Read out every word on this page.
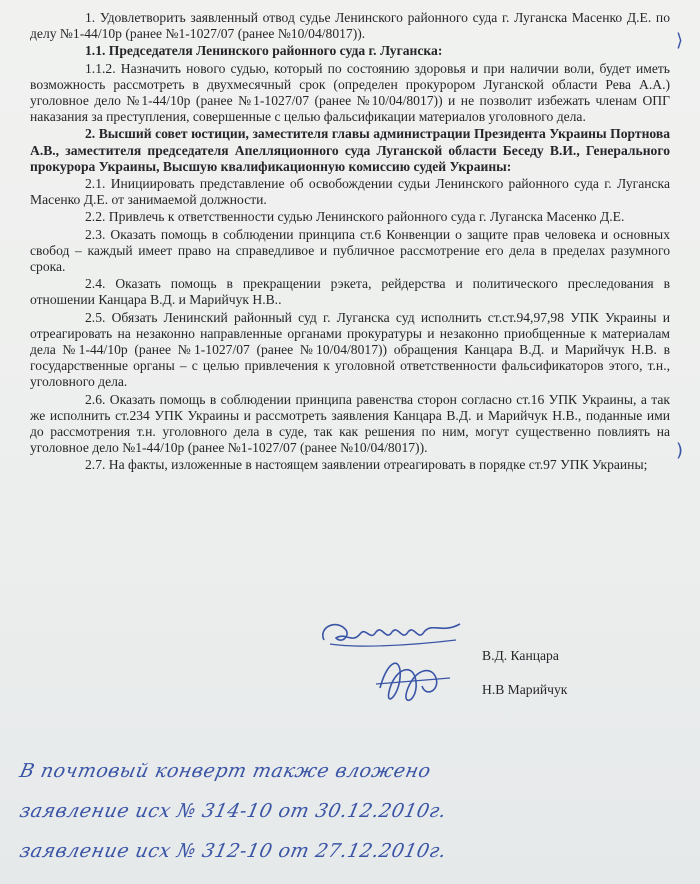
1. Удовлетворить заявленный отвод судье Ленинского районного суда г. Луганска Масенко Д.Е. по делу №1-44/10р (ранее №1-1027/07 (ранее №10/04/8017)).

1.1. Председателя Ленинского районного суда г. Луганска:

1.1.2. Назначить нового судью, который по состоянию здоровья и при наличии воли, будет иметь возможность рассмотреть в двухмесячный срок (определен прокурором Луганской области Рева А.А.) уголовное дело №1-44/10р (ранее №1-1027/07 (ранее №10/04/8017)) и не позволит избежать членам ОПГ наказания за преступления, совершенные с целью фальсификации материалов уголовного дела.

2. Высший совет юстиции, заместителя главы администрации Президента Украины Портнова А.В., заместителя председателя Апелляционного суда Луганской области Беседу В.И., Генерального прокурора Украины, Высшую квалификационную комиссию судей Украины:

2.1. Инициировать представление об освобождении судьи Ленинского районного суда г. Луганска Масенко Д.Е. от занимаемой должности.

2.2. Привлечь к ответственности судью Ленинского районного суда г. Луганска Масенко Д.Е.

2.3. Оказать помощь в соблюдении принципа ст.6 Конвенции о защите прав человека и основных свобод – каждый имеет право на справедливое и публичное рассмотрение его дела в пределах разумного срока.

2.4. Оказать помощь в прекращении рэкета, рейдерства и политического преследования в отношении Канцара В.Д. и Марийчук Н.В..

2.5. Обязать Ленинский районный суд г. Луганска суд исполнить ст.ст.94,97,98 УПК Украины и отреагировать на незаконно направленные органами прокуратуры и незаконно приобщенные к материалам дела №1-44/10р (ранее №1-1027/07 (ранее №10/04/8017)) обращения Канцара В.Д. и Марийчук Н.В. в государственные органы – с целью привлечения к уголовной ответственности фальсификаторов этого, т.н., уголовного дела.

2.6. Оказать помощь в соблюдении принципа равенства сторон согласно ст.16 УПК Украины, а так же исполнить ст.234 УПК Украины и рассмотреть заявления Канцара В.Д. и Марийчук Н.В., поданные ими до рассмотрения т.н. уголовного дела в суде, так как решения по ним, могут существенно повлиять на уголовное дело №1-44/10р (ранее №1-1027/07 (ранее №10/04/8017)).

2.7. На факты, изложенные в настоящем заявлении отреагировать в порядке ст.97 УПК Украины;

⟩
)
В.Д. Канцара
Н.В Марийчук
В почтовый конверт также вложено
заявление исх № 314-10 от 30.12.2010г.
заявление исх № 312-10 от 27.12.2010г.
